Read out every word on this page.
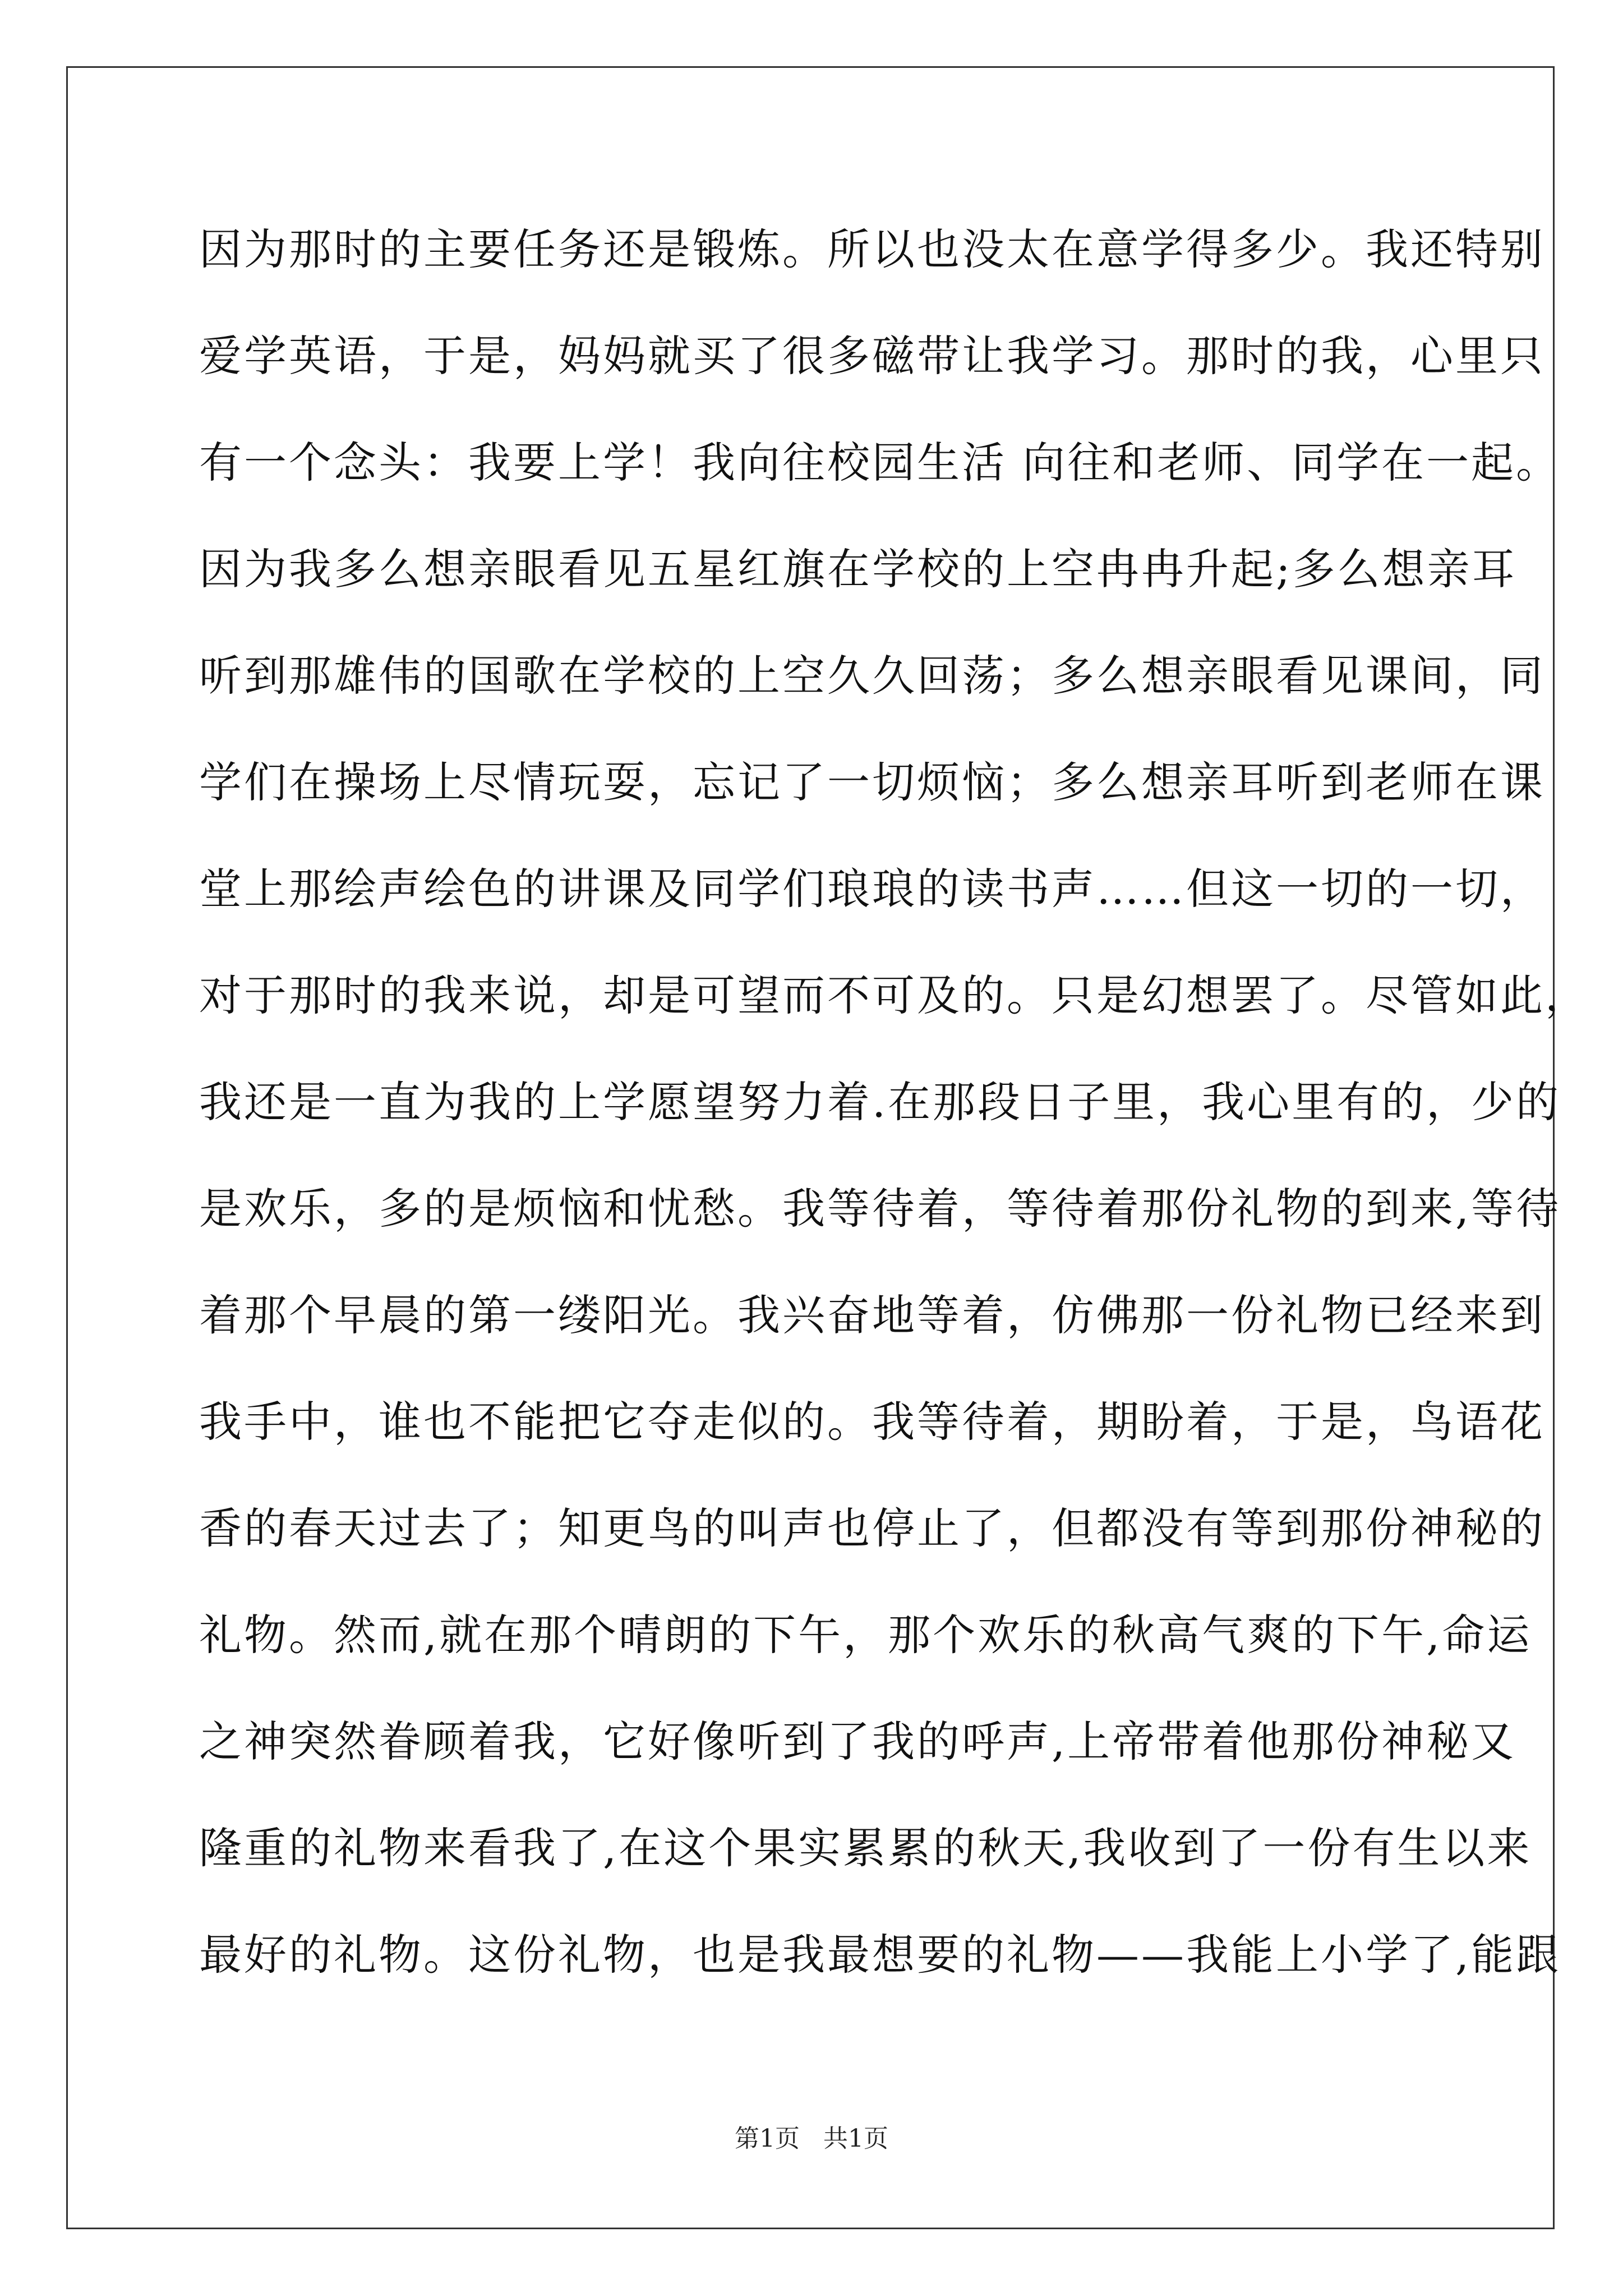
因为那时的主要任务还是锻炼。所以也没太在意学得多少。我还特别
爱学英语，于是，妈妈就买了很多磁带让我学习。那时的我，心里只
有一个念头：我要上学！我向往校园生活 向往和老师、同学在一起。
因为我多么想亲眼看见五星红旗在学校的上空冉冉升起;多么想亲耳
听到那雄伟的国歌在学校的上空久久回荡；多么想亲眼看见课间，同
学们在操场上尽情玩耍，忘记了一切烦恼；多么想亲耳听到老师在课
堂上那绘声绘色的讲课及同学们琅琅的读书声……但这一切的一切，
对于那时的我来说，却是可望而不可及的。只是幻想罢了。尽管如此，
我还是一直为我的上学愿望努力着.在那段日子里，我心里有的，少的
是欢乐，多的是烦恼和忧愁。我等待着，等待着那份礼物的到来,等待
着那个早晨的第一缕阳光。我兴奋地等着，仿佛那一份礼物已经来到
我手中，谁也不能把它夺走似的。我等待着，期盼着，于是，鸟语花
香的春天过去了；知更鸟的叫声也停止了，但都没有等到那份神秘的
礼物。然而,就在那个晴朗的下午，那个欢乐的秋高气爽的下午,命运
之神突然眷顾着我，它好像听到了我的呼声,上帝带着他那份神秘又
隆重的礼物来看我了,在这个果实累累的秋天,我收到了一份有生以来
最好的礼物。这份礼物，也是我最想要的礼物——我能上小学了,能跟
第1页   共1页
